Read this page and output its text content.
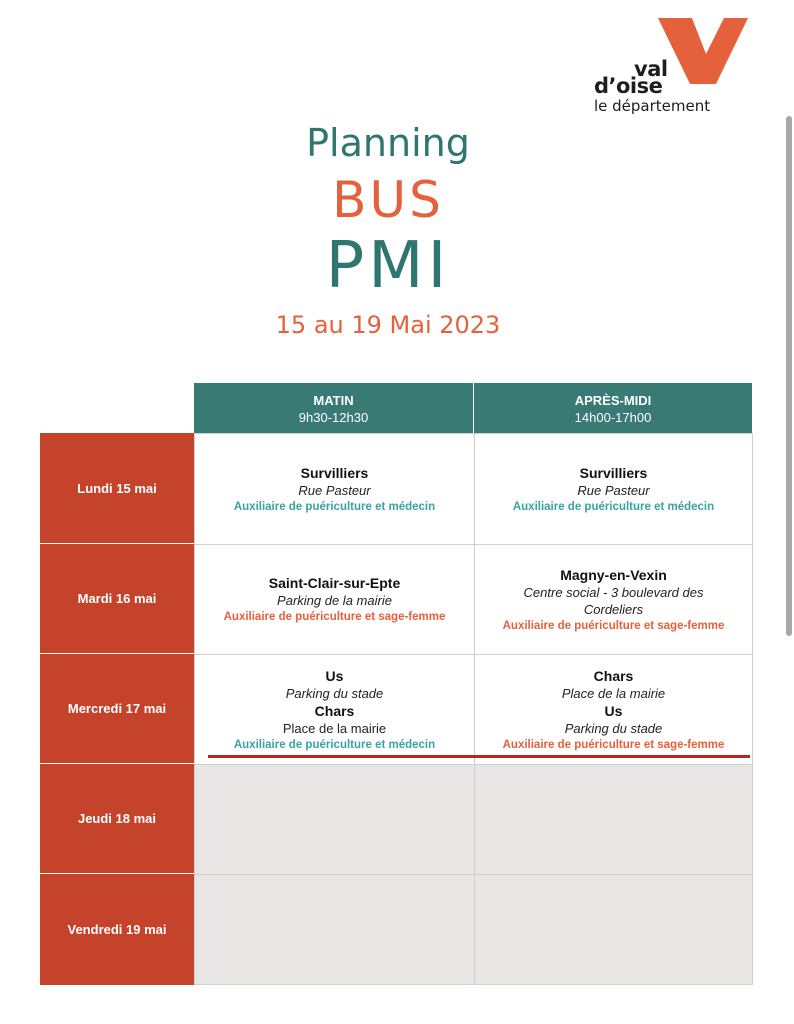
val
d’oise
le département
Planning
BUS
PMI
15 au 19 Mai 2023
MATIN
9h30-12h30
APRÈS-MIDI
14h00-17h00
Lundi 15 mai
Mardi 16 mai
Mercredi 17 mai
Jeudi 18 mai
Vendredi 19 mai
Survilliers
Rue Pasteur
Auxiliaire de puériculture et médecin
Survilliers
Rue Pasteur
Auxiliaire de puériculture et médecin
Saint-Clair-sur-Epte
Parking de la mairie
Auxiliaire de puériculture et sage-femme
Magny-en-Vexin
Centre social - 3 boulevard des
Cordeliers
Auxiliaire de puériculture et sage-femme
Us
Parking du stade
Chars
Place de la mairie
Auxiliaire de puériculture et médecin
Chars
Place de la mairie
Us
Parking du stade
Auxiliaire de puériculture et sage-femme
